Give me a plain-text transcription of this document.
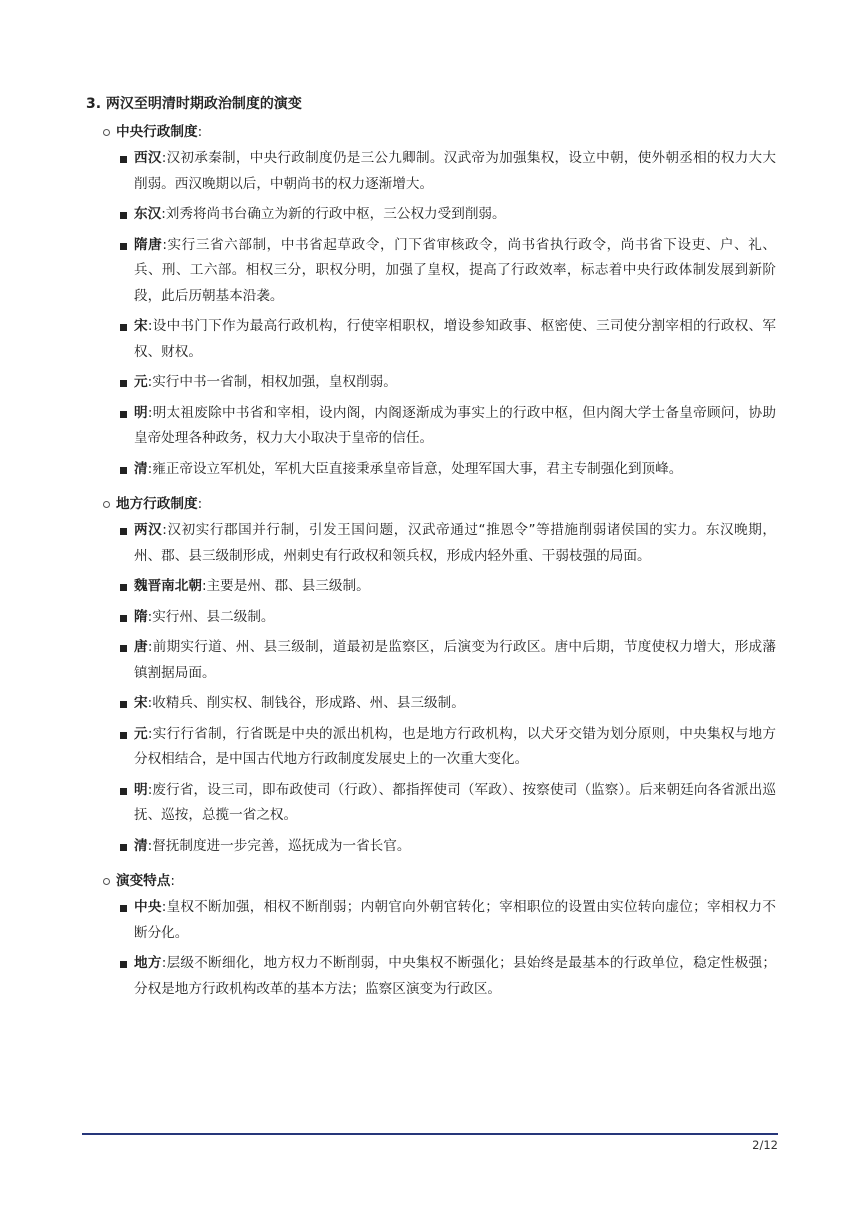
3. 两汉至明清时期政治制度的演变
中央行政制度:
西汉:汉初承秦制，中央行政制度仍是三公九卿制。汉武帝为加强集权，设立中朝，使外朝丞相的权力大大削弱。西汉晚期以后，中朝尚书的权力逐渐增大。
东汉:刘秀将尚书台确立为新的行政中枢，三公权力受到削弱。
隋唐:实行三省六部制，中书省起草政令，门下省审核政令，尚书省执行政令，尚书省下设吏、户、礼、兵、刑、工六部。相权三分，职权分明，加强了皇权，提高了行政效率，标志着中央行政体制发展到新阶段，此后历朝基本沿袭。
宋:设中书门下作为最高行政机构，行使宰相职权，增设参知政事、枢密使、三司使分割宰相的行政权、军权、财权。
元:实行中书一省制，相权加强，皇权削弱。
明:明太祖废除中书省和宰相，设内阁，内阁逐渐成为事实上的行政中枢，但内阁大学士备皇帝顾问，协助皇帝处理各种政务，权力大小取决于皇帝的信任。
清:雍正帝设立军机处，军机大臣直接秉承皇帝旨意，处理军国大事，君主专制强化到顶峰。
地方行政制度:
两汉:汉初实行郡国并行制，引发王国问题，汉武帝通过“推恩令”等措施削弱诸侯国的实力。东汉晚期，州、郡、县三级制形成，州刺史有行政权和领兵权，形成内轻外重、干弱枝强的局面。
魏晋南北朝:主要是州、郡、县三级制。
隋:实行州、县二级制。
唐:前期实行道、州、县三级制，道最初是监察区，后演变为行政区。唐中后期，节度使权力增大，形成藩镇割据局面。
宋:收精兵、削实权、制钱谷，形成路、州、县三级制。
元:实行行省制，行省既是中央的派出机构，也是地方行政机构，以犬牙交错为划分原则，中央集权与地方分权相结合，是中国古代地方行政制度发展史上的一次重大变化。
明:废行省，设三司，即布政使司（行政）、都指挥使司（军政）、按察使司（监察）。后来朝廷向各省派出巡抚、巡按，总揽一省之权。
清:督抚制度进一步完善，巡抚成为一省长官。
演变特点:
中央:皇权不断加强，相权不断削弱；内朝官向外朝官转化；宰相职位的设置由实位转向虚位；宰相权力不断分化。
地方:层级不断细化，地方权力不断削弱，中央集权不断强化；县始终是最基本的行政单位，稳定性极强；分权是地方行政机构改革的基本方法；监察区演变为行政区。
2/12
